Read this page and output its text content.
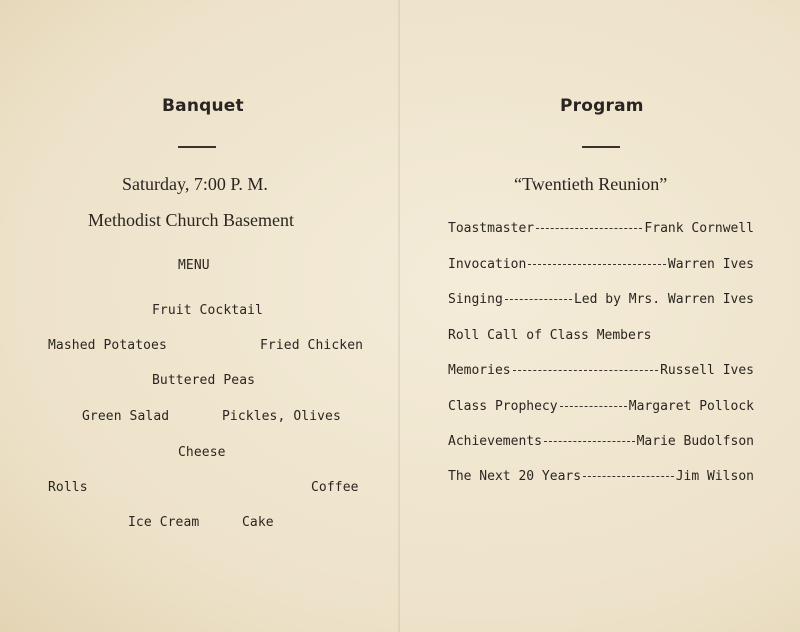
Banquet
Saturday, 7:00 P. M.
Methodist Church Basement
MENU
Fruit Cocktail
Mashed Potatoes	Fried Chicken
Buttered Peas
Green Salad	Pickles, Olives
Cheese
Rolls	Coffee
Ice Cream	Cake
Program
“Twentieth Reunion”
Toastmaster	Frank Cornwell
Invocation	Warren Ives
Singing	Led by Mrs. Warren Ives
Roll Call of Class Members
Memories	Russell Ives
Class Prophecy	Margaret Pollock
Achievements	Marie Budolfson
The Next 20 Years	Jim Wilson
